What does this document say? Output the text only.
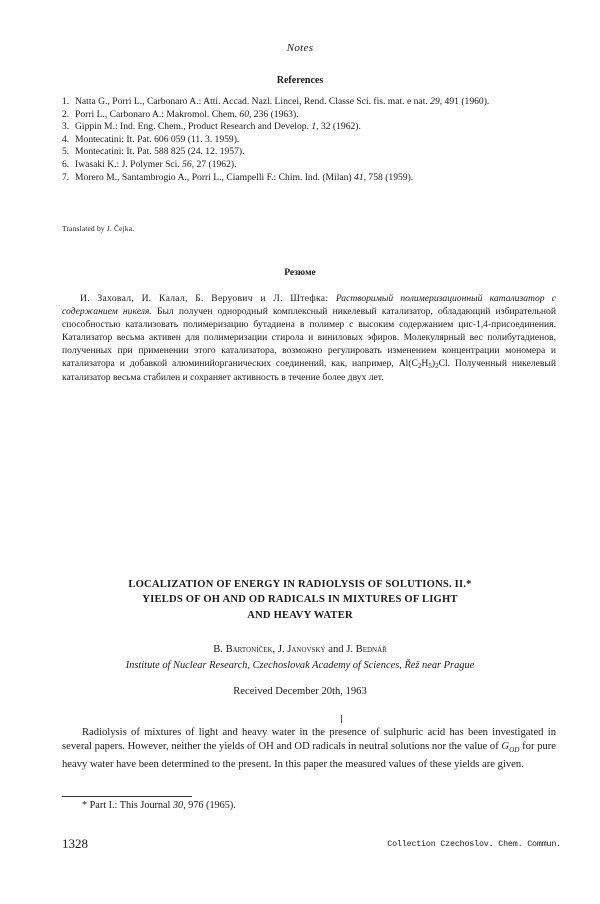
Notes
References
1. Natta G., Porri L., Carbonaro A.: Atti. Accad. Nazl. Lincei, Rend. Classe Sci. fis. mat. e nat. 29, 491 (1960).
2. Porri L., Carbonaro A.: Makromol. Chem. 60, 236 (1963).
3. Gippin M.: Ind. Eng. Chem., Product Research and Develop. 1, 32 (1962).
4. Montecatini: It. Pat. 606 059 (11. 3. 1959).
5. Montecatini: It. Pat. 588 825 (24. 12. 1957).
6. Iwasaki K.: J. Polymer Sci. 56, 27 (1962).
7. Morero M., Santambrogio A., Porri L., Ciampelli F.: Chim. Ind. (Milan) 41, 758 (1959).
Translated by J. Čejka.
Резюме

И. Заховал, И. Калал, Б. Веруович и Л. Штефка: Растворимый полимеризационный катализатор с содержанием никеля. Был получен однородный комплексный никелевый катализатор, обладающий избирательной способностью катализовать полимеризацию бутадиена в полимер с высоким содержанием цис-1,4-присоединения. Катализатор весьма активен для полимеризации стирола и виниловых эфиров. Молекулярный вес полибутадиенов, полученных при применении этого катализатора, возможно регулировать изменением концентрации мономера и катализатора и добавкой алюминийорганических соединений, как, например, $Al(C_2H_5)_2Cl$. Полученный никелевый катализатор весьма стабилен и сохраняет активность в течение более двух лет.

LOCALIZATION OF ENERGY IN RADIOLYSIS OF SOLUTIONS. II.*
YIELDS OF OH AND OD RADICALS IN MIXTURES OF LIGHT
AND HEAVY WATER
B. Bartoníček, J. Janovský and J. Bednář
Institute of Nuclear Research, Czechoslovak Academy of Sciences, Řež near Prague
Received December 20th, 1963

Radiolysis of mixtures of light and heavy water in the presence of sulphuric acid has been investigated in several papers. However, neither the yields of OH and OD radicals in neutral solutions nor the value of $G_{OD}$ for pure heavy water have been determined to the present. In this paper the measured values of these yields are given.

* Part I.: This Journal 30, 976 (1965).
1328	Collection Czechoslov. Chem. Commun.
